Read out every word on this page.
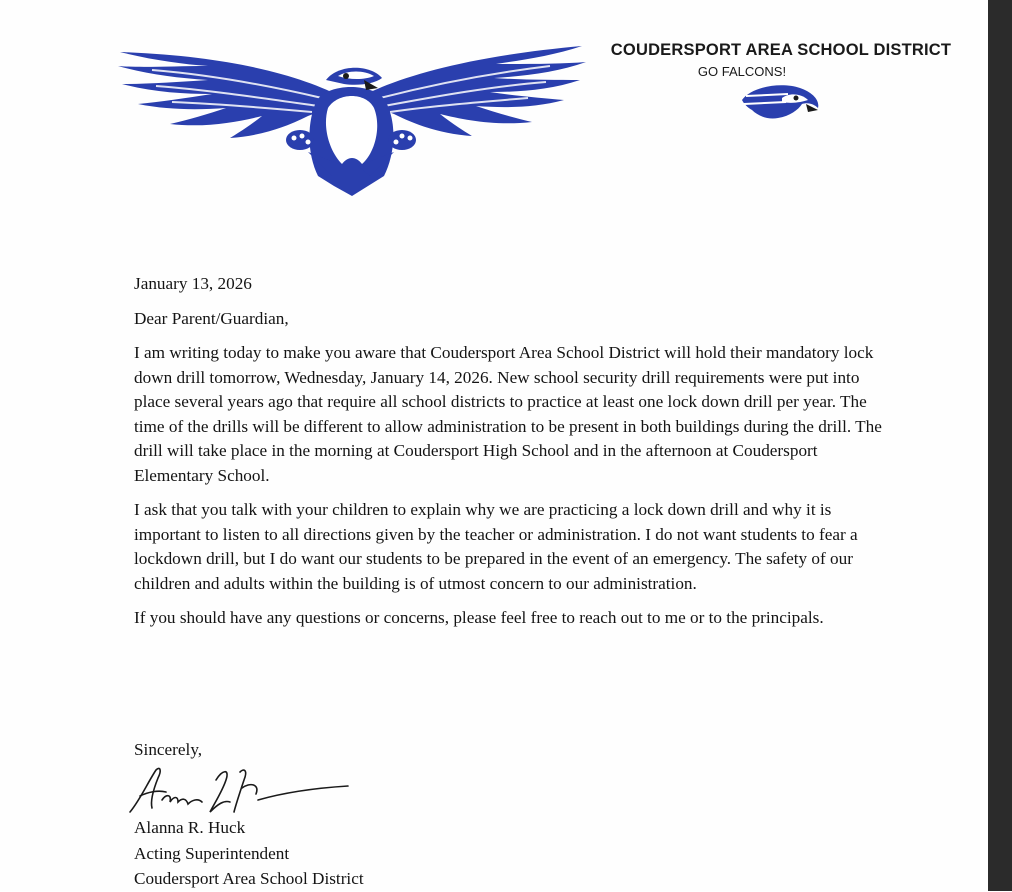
COUDERSPORT AREA SCHOOL DISTRICT
GO FALCONS!

January 13, 2026

Dear Parent/Guardian,

I am writing today to make you aware that Coudersport Area School District will hold their mandatory lock down drill tomorrow, Wednesday, January 14, 2026. New school security drill requirements were put into place several years ago that require all school districts to practice at least one lock down drill per year. The time of the drills will be different to allow administration to be present in both buildings during the drill. The drill will take place in the morning at Coudersport High School and in the afternoon at Coudersport Elementary School.

I ask that you talk with your children to explain why we are practicing a lock down drill and why it is important to listen to all directions given by the teacher or administration. I do not want students to fear a lockdown drill, but I do want our students to be prepared in the event of an emergency. The safety of our children and adults within the building is of utmost concern to our administration.

If you should have any questions or concerns, please feel free to reach out to me or to the principals.

Sincerely,
Alanna R. Huck
Acting Superintendent
Coudersport Area School District
